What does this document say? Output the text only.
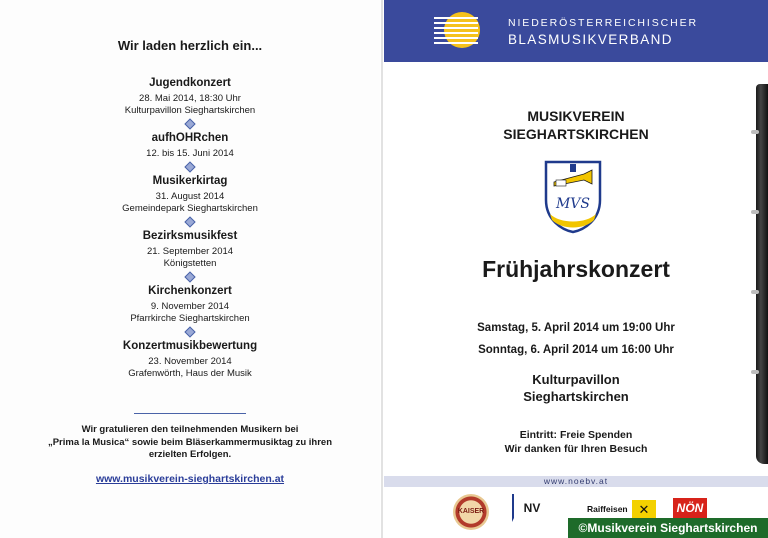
Wir laden herzlich ein...
Jugendkonzert
28. Mai 2014, 18:30 Uhr
Kulturpavillon Sieghartskirchen
aufhOHRchen
12. bis 15. Juni 2014
Musikerkirtag
31. August 2014
Gemeindepark Sieghartskirchen
Bezirksmusikfest
21. September 2014
Königstetten
Kirchenkonzert
9. November 2014
Pfarrkirche Sieghartskirchen
Konzertmusikbewertung
23. November 2014
Grafenwörth, Haus der Musik
Wir gratulieren den teilnehmenden Musikern bei
„Prima la Musica“ sowie beim Bläserkammermusiktag zu ihren
erzielten Erfolgen.
www.musikverein-sieghartskirchen.at
NIEDERÖSTERREICHISCHER
BLASMUSIKVERBAND
MUSIKVEREIN
SIEGHARTSKIRCHEN
MVS
Frühjahrskonzert
Samstag, 5. April 2014 um 19:00 Uhr
Sonntag, 6. April 2014 um 16:00 Uhr
Kulturpavillon
Sieghartskirchen
Eintritt: Freie Spenden
Wir danken für Ihren Besuch
www.noebv.at
KAISER	NV	Raiffeisen ✕	NÖN
©Musikverein Sieghartskirchen
